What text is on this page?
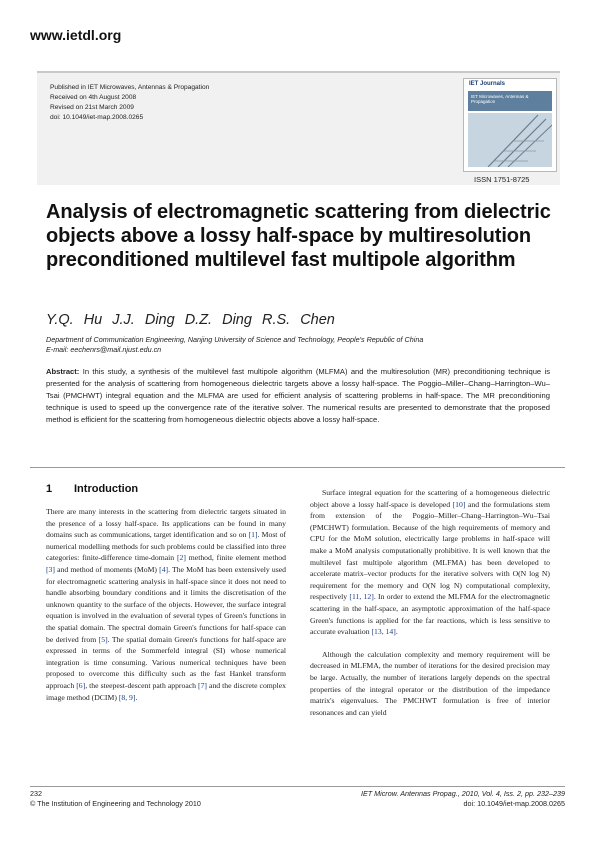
www.ietdl.org
Published in IET Microwaves, Antennas & Propagation
Received on 4th August 2008
Revised on 21st March 2009
doi: 10.1049/iet-map.2008.0265
IET Journals
IET Microwaves, Antennas & Propagation
ISSN 1751-8725
Analysis of electromagnetic scattering from dielectric objects above a lossy half-space by multiresolution preconditioned multilevel fast multipole algorithm
Y.Q. Hu J.J. Ding D.Z. Ding R.S. Chen
Department of Communication Engineering, Nanjing University of Science and Technology, People's Republic of China
E-mail: eechenrs@mail.njust.edu.cn
Abstract: In this study, a synthesis of the multilevel fast multipole algorithm (MLFMA) and the multiresolution (MR) preconditioning technique is presented for the analysis of scattering from homogeneous dielectric targets above a lossy half-space. The Poggio–Miller–Chang–Harrington–Wu–Tsai (PMCHWT) integral equation and the MLFMA are used for efficient analysis of scattering problems in half-space. The MR preconditioning technique is used to speed up the convergence rate of the iterative solver. The numerical results are presented to demonstrate that the proposed method is efficient for the scattering from homogeneous dielectric objects above a lossy half-space.
1 Introduction

There are many interests in the scattering from dielectric targets situated in the presence of a lossy half-space. Its applications can be found in many domains such as communications, target identification and so on [1]. Most of numerical modelling methods for such problems could be classified into three categories: finite-difference time-domain [2] method, finite element method [3] and method of moments (MoM) [4]. The MoM has been extensively used for electromagnetic scattering analysis in half-space since it does not need to handle absorbing boundary conditions and it limits the discretisation of the unknown quantity to the surface of the objects. However, the surface integral equation is involved in the evaluation of several types of Green's functions in the spatial domain. The spectral domain Green's functions for half-space can be derived from [5]. The spatial domain Green's functions for half-space are expressed in terms of the Sommerfeld integral (SI) whose numerical integration is time consuming. Various numerical techniques have been proposed to overcome this difficulty such as the fast Hankel transform approach [6], the steepest-descent path approach [7] and the discrete complex image method (DCIM) [8, 9].

Surface integral equation for the scattering of a homogeneous dielectric object above a lossy half-space is developed [10] and the formulations stem from extension of the Poggio–Miller–Chang–Harrington–Wu–Tsai (PMCHWT) formulation. Because of the high requirements of memory and CPU for the MoM solution, electrically large problems in half-space will make a MoM analysis computationally prohibitive. It is well known that the multilevel fast multipole algorithm (MLFMA) has been developed to accelerate matrix–vector products for the iterative solvers with O(N log N) requirement for the memory and O(N log N) computational complexity, respectively [11, 12]. In order to extend the MLFMA for the electromagnetic scattering in the half-space, an asymptotic approximation of the half-space Green's functions is applied for the far reactions, which is less sensitive to accurate evaluation [13, 14].

Although the calculation complexity and memory requirement will be decreased in MLFMA, the number of iterations for the desired precision may be large. Actually, the number of iterations largely depends on the spectral properties of the integral operator or the distribution of the impedance matrix's eigenvalues. The PMCHWT formulation is free of interior resonances and can yield

232
© The Institution of Engineering and Technology 2010
IET Microw. Antennas Propag., 2010, Vol. 4, Iss. 2, pp. 232–239
doi: 10.1049/iet-map.2008.0265
